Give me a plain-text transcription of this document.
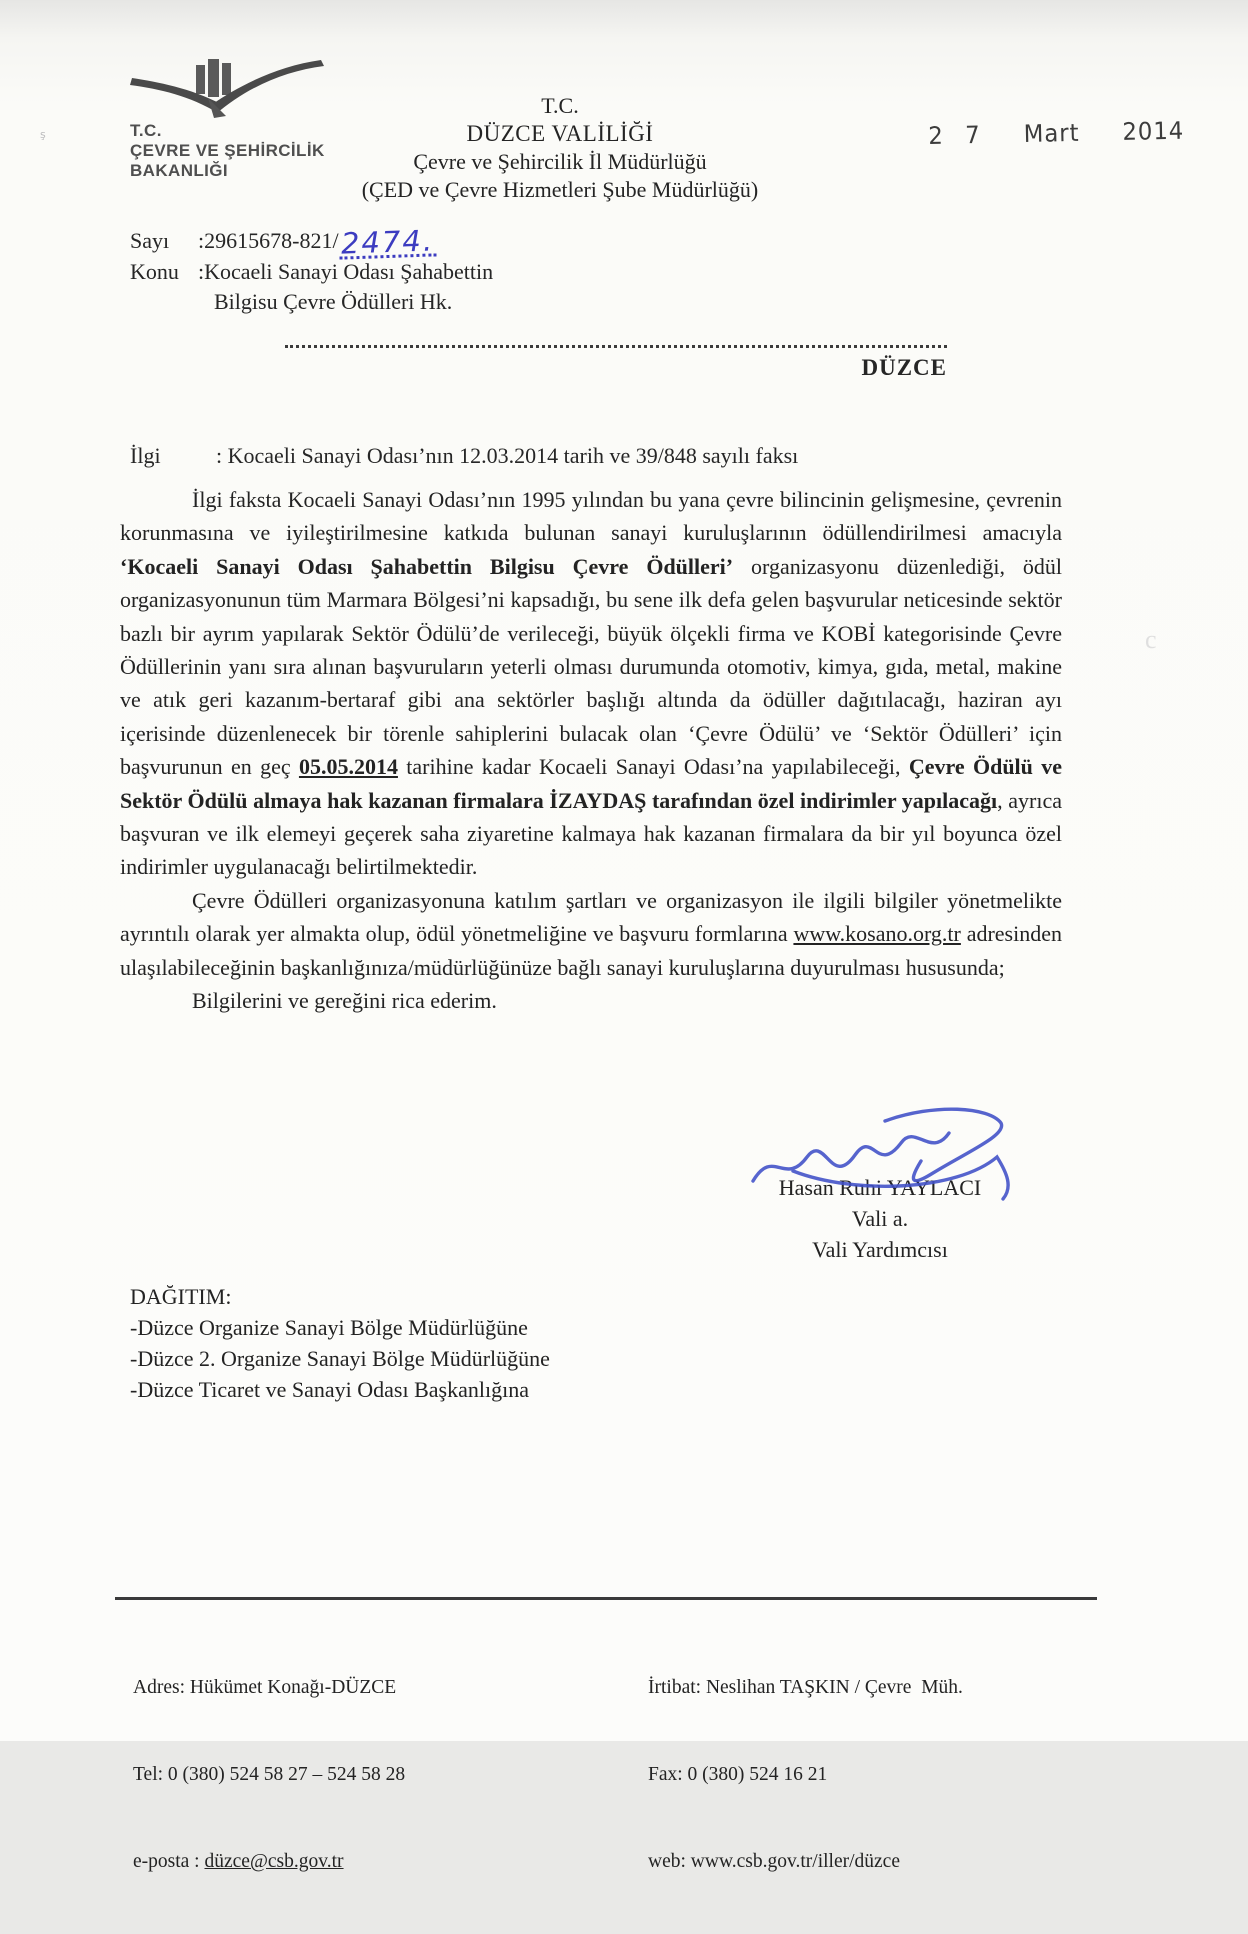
ş
c
T.C.
ÇEVRE VE ŞEHİRCİLİK
BAKANLIĞI
T.C.
DÜZCE VALİLİĞİ
Çevre ve Şehircilik İl Müdürlüğü
(ÇED ve Çevre Hizmetleri Şube Müdürlüğü)
2 7  Mart  2014
Sayı :29615678-821/2474.
Konu :Kocaeli Sanayi Odası Şahabettin
Bilgisu Çevre Ödülleri Hk.
DÜZCE
İlgi	: Kocaeli Sanayi Odası’nın 12.03.2014 tarih ve 39/848 sayılı faksı

İlgi faksta Kocaeli Sanayi Odası’nın 1995 yılından bu yana çevre bilincinin gelişmesine, çevrenin korunmasına ve iyileştirilmesine katkıda bulunan sanayi kuruluşlarının ödüllendirilmesi amacıyla ‘Kocaeli Sanayi Odası Şahabettin Bilgisu Çevre Ödülleri’ organizasyonu düzenlediği, ödül organizasyonunun tüm Marmara Bölgesi’ni kapsadığı, bu sene ilk defa gelen başvurular neticesinde sektör bazlı bir ayrım yapılarak Sektör Ödülü’de verileceği, büyük ölçekli firma ve KOBİ kategorisinde Çevre Ödüllerinin yanı sıra alınan başvuruların yeterli olması durumunda otomotiv, kimya, gıda, metal, makine ve atık geri kazanım-bertaraf gibi ana sektörler başlığı altında da ödüller dağıtılacağı, haziran ayı içerisinde düzenlenecek bir törenle sahiplerini bulacak olan ‘Çevre Ödülü’ ve ‘Sektör Ödülleri’ için başvurunun en geç 05.05.2014 tarihine kadar Kocaeli Sanayi Odası’na yapılabileceği, Çevre Ödülü ve Sektör Ödülü almaya hak kazanan firmalara İZAYDAŞ tarafından özel indirimler yapılacağı, ayrıca başvuran ve ilk elemeyi geçerek saha ziyaretine kalmaya hak kazanan firmalara da bir yıl boyunca özel indirimler uygulanacağı belirtilmektedir.

Çevre Ödülleri organizasyonuna katılım şartları ve organizasyon ile ilgili bilgiler yönetmelikte ayrıntılı olarak yer almakta olup, ödül yönetmeliğine ve başvuru formlarına www.kosano.org.tr adresinden ulaşılabileceğinin başkanlığınıza/müdürlüğünüze bağlı sanayi kuruluşlarına duyurulması hususunda;

Bilgilerini ve gereğini rica ederim.

Hasan Ruhi YAYLACI
Vali a.
Vali Yardımcısı
DAĞITIM:
-Düzce Organize Sanayi Bölge Müdürlüğüne
-Düzce 2. Organize Sanayi Bölge Müdürlüğüne
-Düzce Ticaret ve Sanayi Odası Başkanlığına

Adres: Hükümet Konağı-DÜZCE

Tel: 0 (380) 524 58 27 – 524 58 28

e-posta : düzce@csb.gov.tr

İrtibat: Neslihan TAŞKIN / Çevre  Müh.

Fax: 0 (380) 524 16 21

web: www.csb.gov.tr/iller/düzce
